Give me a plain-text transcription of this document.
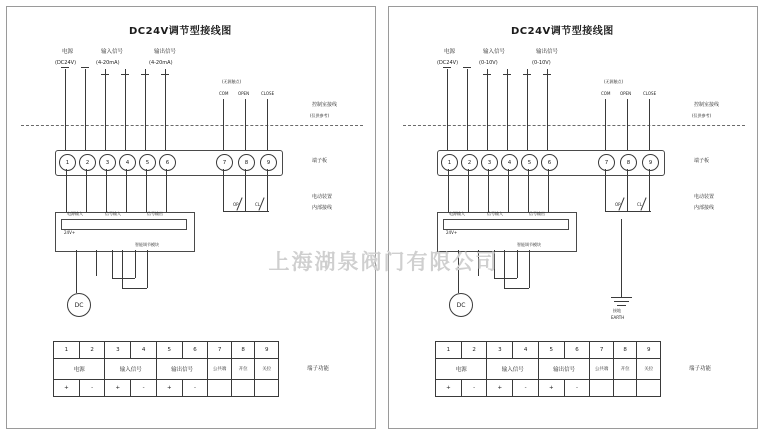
DC24V调节型接线图
电源
(DC24V)
输入信号
(4-20mA)
输出信号
(4-20mA)
(无源触点)
COM OPEN	CLOSE
控制室接线
(仅供参考)
1	2	3	4	5	6	7	8	9	端子板
电动装置
内部接线
电源输入	信号输入	信号输出
24V+
智能调节模块
OP	CL
DC
1	2	3	4	5	6	7	8	9
电源		输入信号		输出信号		公共端	开位	关位
+	-	+	-	+	-			
端子功能
DC24V调节型接线图
电源
(DC24V)
输入信号
(0-10V)
输出信号
(0-10V)
(无源触点)
COM OPEN	CLOSE
控制室接线
(仅供参考)
1	2	3	4	5	6	7	8	9	端子板
电动装置
内部接线
电源输入	信号输入	信号输出
24V+
智能调节模块
OP	CL
DC
接地
EARTH
1	2	3	4	5	6	7	8	9
电源		输入信号		输出信号		公共端	开位	关位
+	-	+	-	+	-			
端子功能
上海湖泉阀门有限公司
